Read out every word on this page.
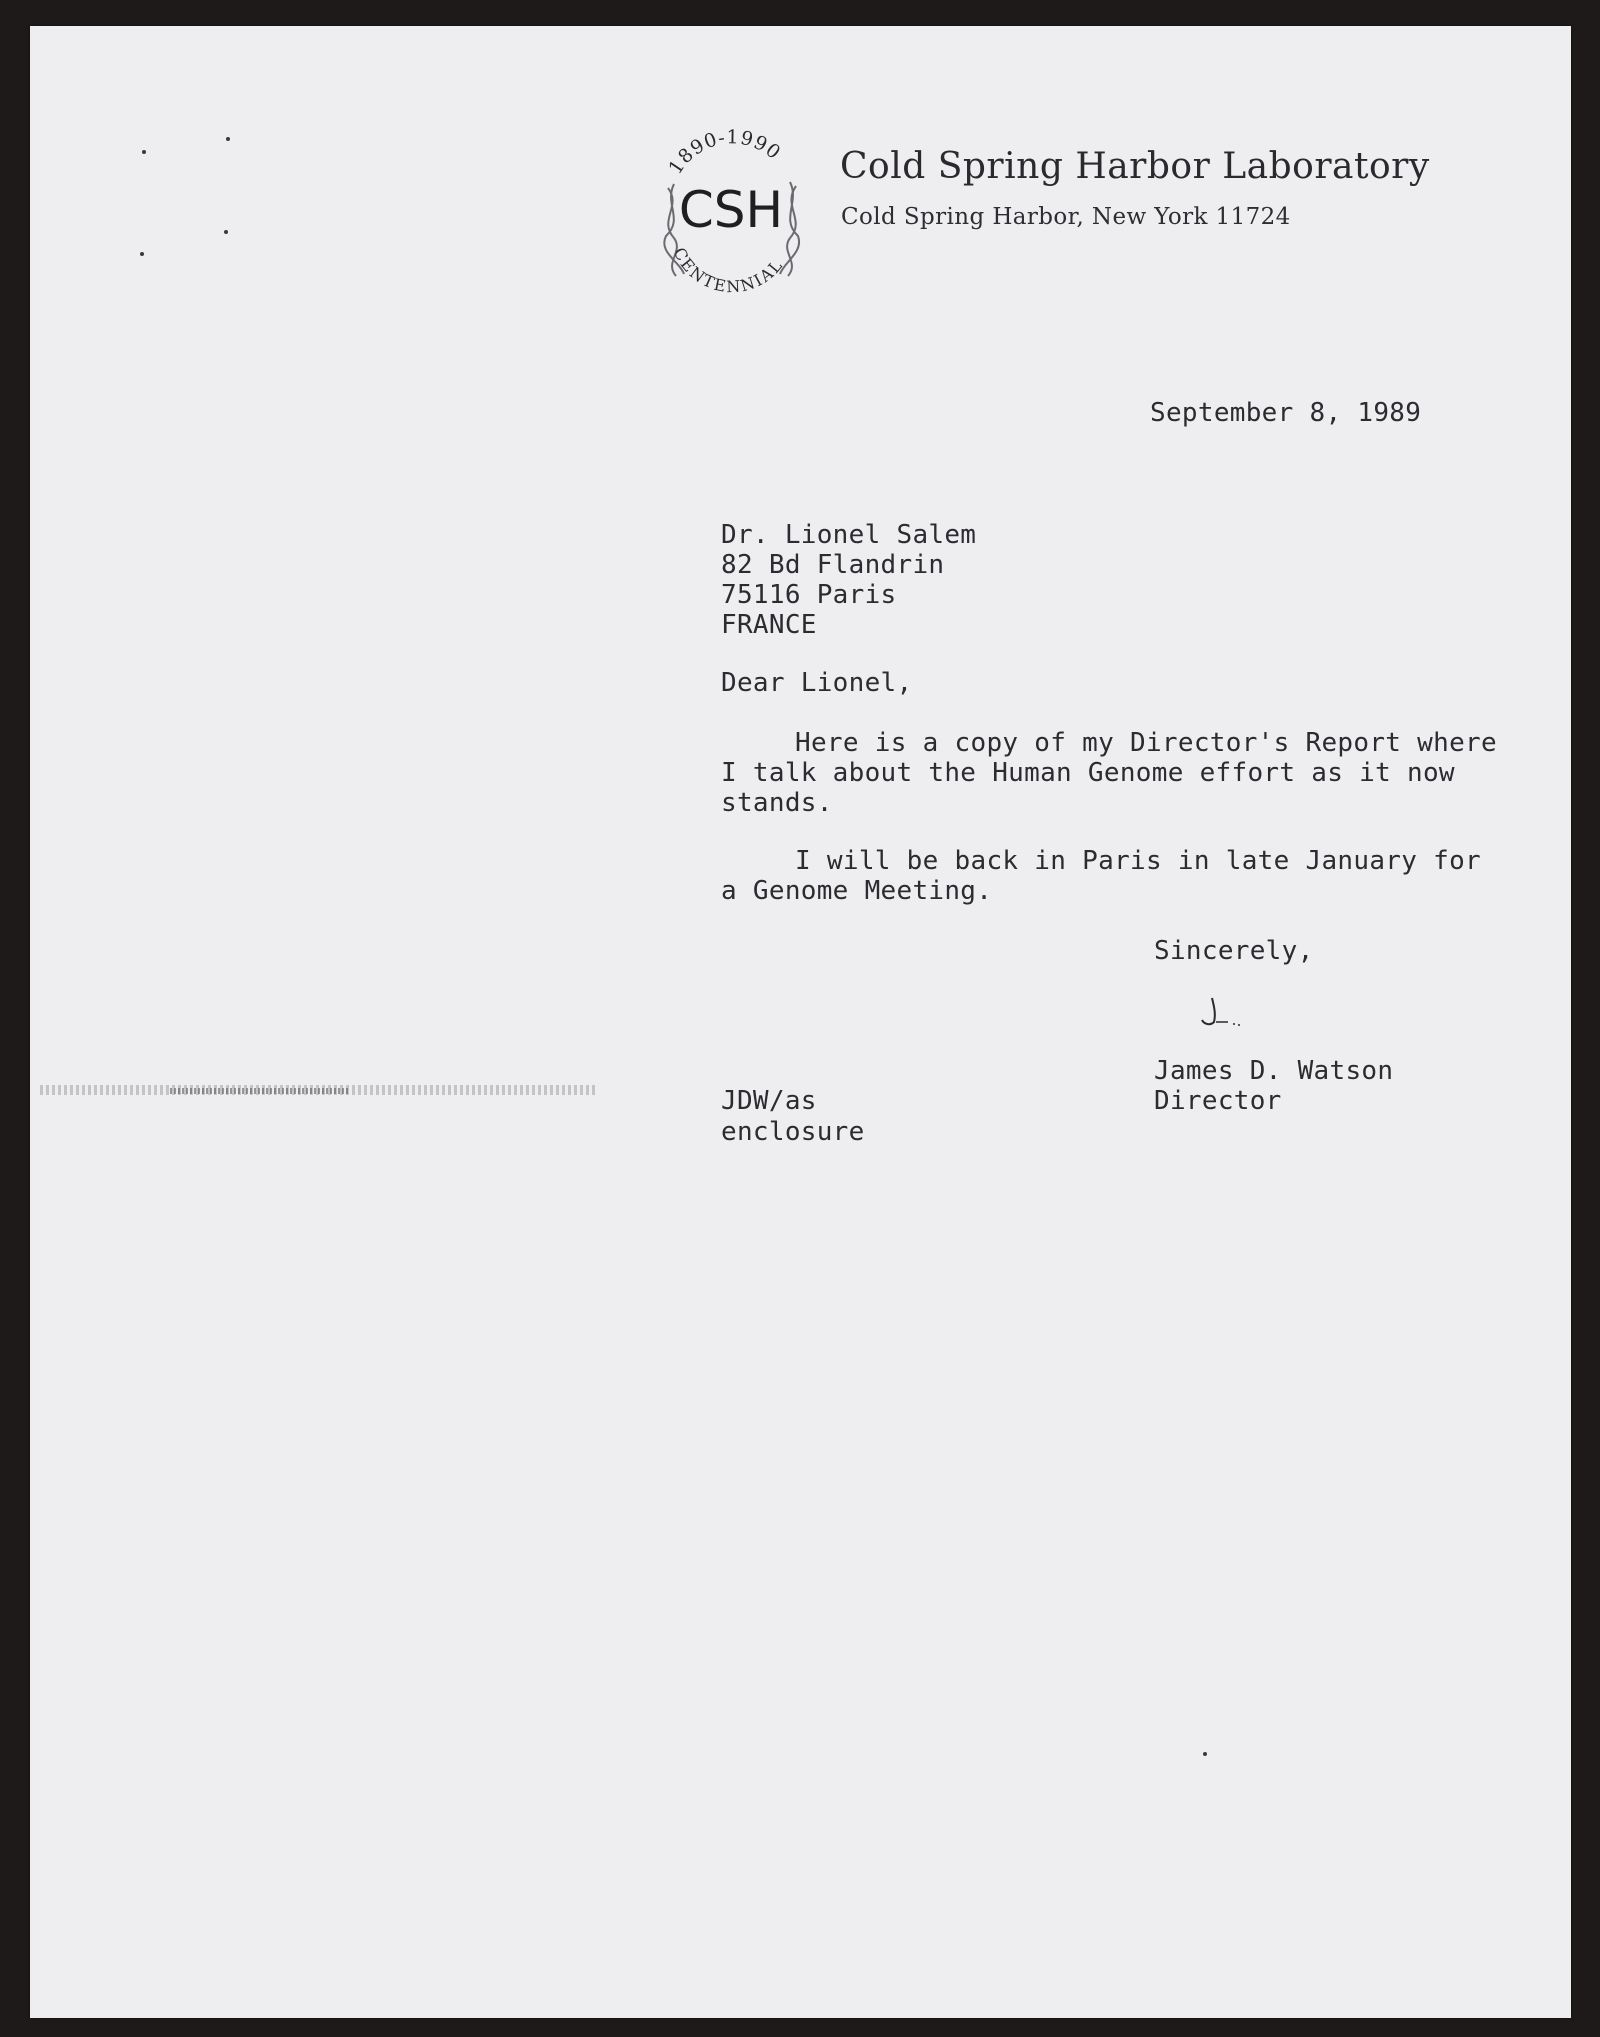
1890-1990
CSH
CENTENNIAL
Cold Spring Harbor Laboratory
Cold Spring Harbor, New York 11724
September 8, 1989
Dr. Lionel Salem
82 Bd Flandrin
75116 Paris
FRANCE
Dear Lionel,
Here is a copy of my Director's Report where
I talk about the Human Genome effort as it now
stands.
I will be back in Paris in late January for
a Genome Meeting.
Sincerely,
James D. Watson
Director
JDW/as
enclosure
